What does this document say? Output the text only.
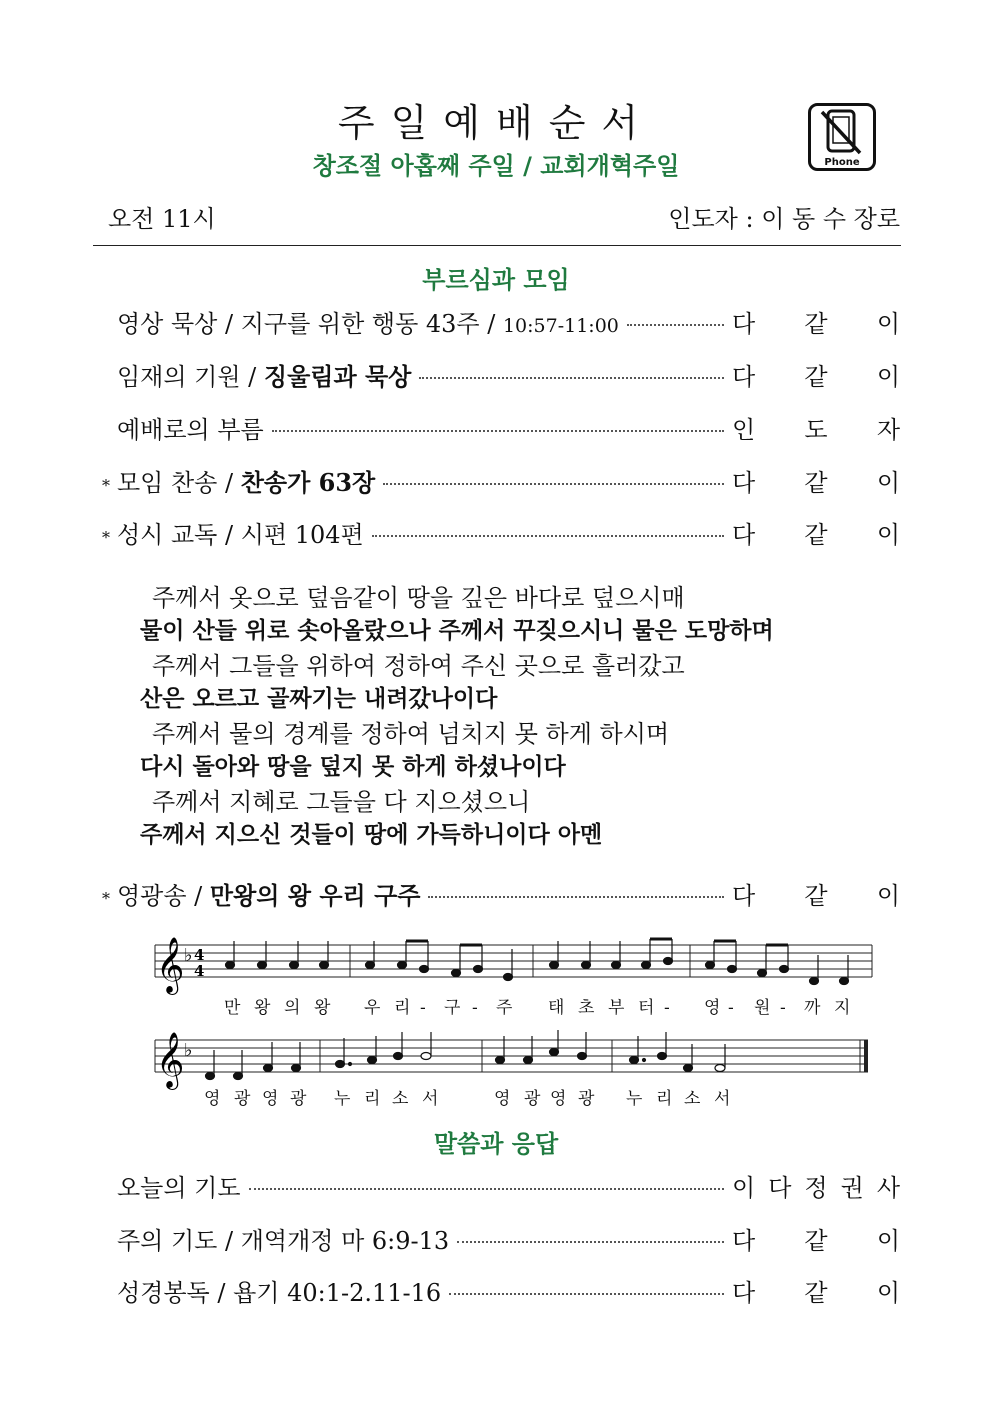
주일예배순서
창조절 아홉째 주일 / 교회개혁주일	Phone
오전 11시	인도자 : 이 동 수 장로
부르심과 모임
영상 묵상 / 지구를 위한 행동 43주 / 10:57-11:00	다 같 이
임재의 기원 / 징울림과 묵상	다 같 이
예배로의 부름	인 도 자
* 모임 찬송 / 찬송가 63장	다 같 이
* 성시 교독 / 시편 104편	다 같 이
주께서 옷으로 덮음같이 땅을 깊은 바다로 덮으시매
물이 산들 위로 솟아올랐으나 주께서 꾸짖으시니 물은 도망하며
주께서 그들을 위하여 정하여 주신 곳으로 흘러갔고
산은 오르고 골짜기는 내려갔나이다
주께서 물의 경계를 정하여 넘치지 못 하게 하시며
다시 돌아와 땅을 덮지 못 하게 하셨나이다
주께서 지혜로 그들을 다 지으셨으니
주께서 지으신 것들이 땅에 가득하니이다 아멘
* 영광송 / 만왕의 왕 우리 구주	다 같 이
𝄞 ♭ 4
4
만 왕 의 왕 우 리 - 구 - 주 태 초 부 터 - 영 - 원 - 까 지
𝄞 ♭
영 광 영 광 누 리 소 서	영 광 영 광 누 리 소 서
말씀과 응답
오늘의 기도	이 다 정 권 사
주의 기도 / 개역개정 마 6:9-13	다 같 이
성경봉독 / 욥기 40:1-2.11-16	다 같 이
